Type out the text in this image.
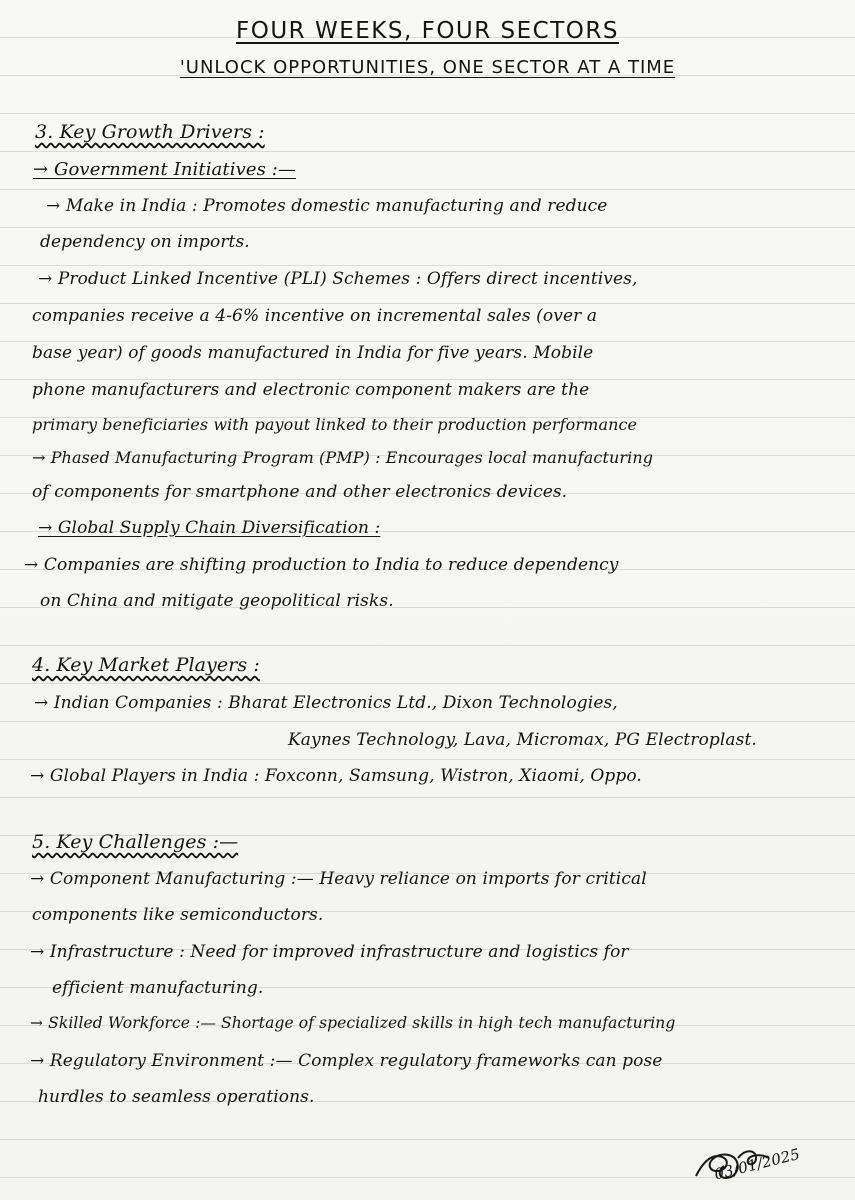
FOUR WEEKS, FOUR SECTORS
'UNLOCK OPPORTUNITIES, ONE SECTOR AT A TIME
3. Key Growth Drivers :
→ Government Initiatives :—
→ Make in India : Promotes domestic manufacturing and reduce
dependency on imports.
→ Product Linked Incentive (PLI) Schemes : Offers direct incentives,
companies receive a 4-6% incentive on incremental sales (over a
base year) of goods manufactured in India for five years. Mobile
phone manufacturers and electronic component makers are the
primary beneficiaries with payout linked to their production performance
→ Phased Manufacturing Program (PMP) : Encourages local manufacturing
of components for smartphone and other electronics devices.
→ Global Supply Chain Diversification :
→ Companies are shifting production to India to reduce dependency
on China and mitigate geopolitical risks.
4. Key Market Players :
→ Indian Companies : Bharat Electronics Ltd., Dixon Technologies,
Kaynes Technology, Lava, Micromax, PG Electroplast.
→ Global Players in India : Foxconn, Samsung, Wistron, Xiaomi, Oppo.
5. Key Challenges :—
→ Component Manufacturing :— Heavy reliance on imports for critical
components like semiconductors.
→ Infrastructure : Need for improved infrastructure and logistics for
efficient manufacturing.
→ Skilled Workforce :— Shortage of specialized skills in high tech manufacturing
→ Regulatory Environment :— Complex regulatory frameworks can pose
hurdles to seamless operations.
03/01/2025
